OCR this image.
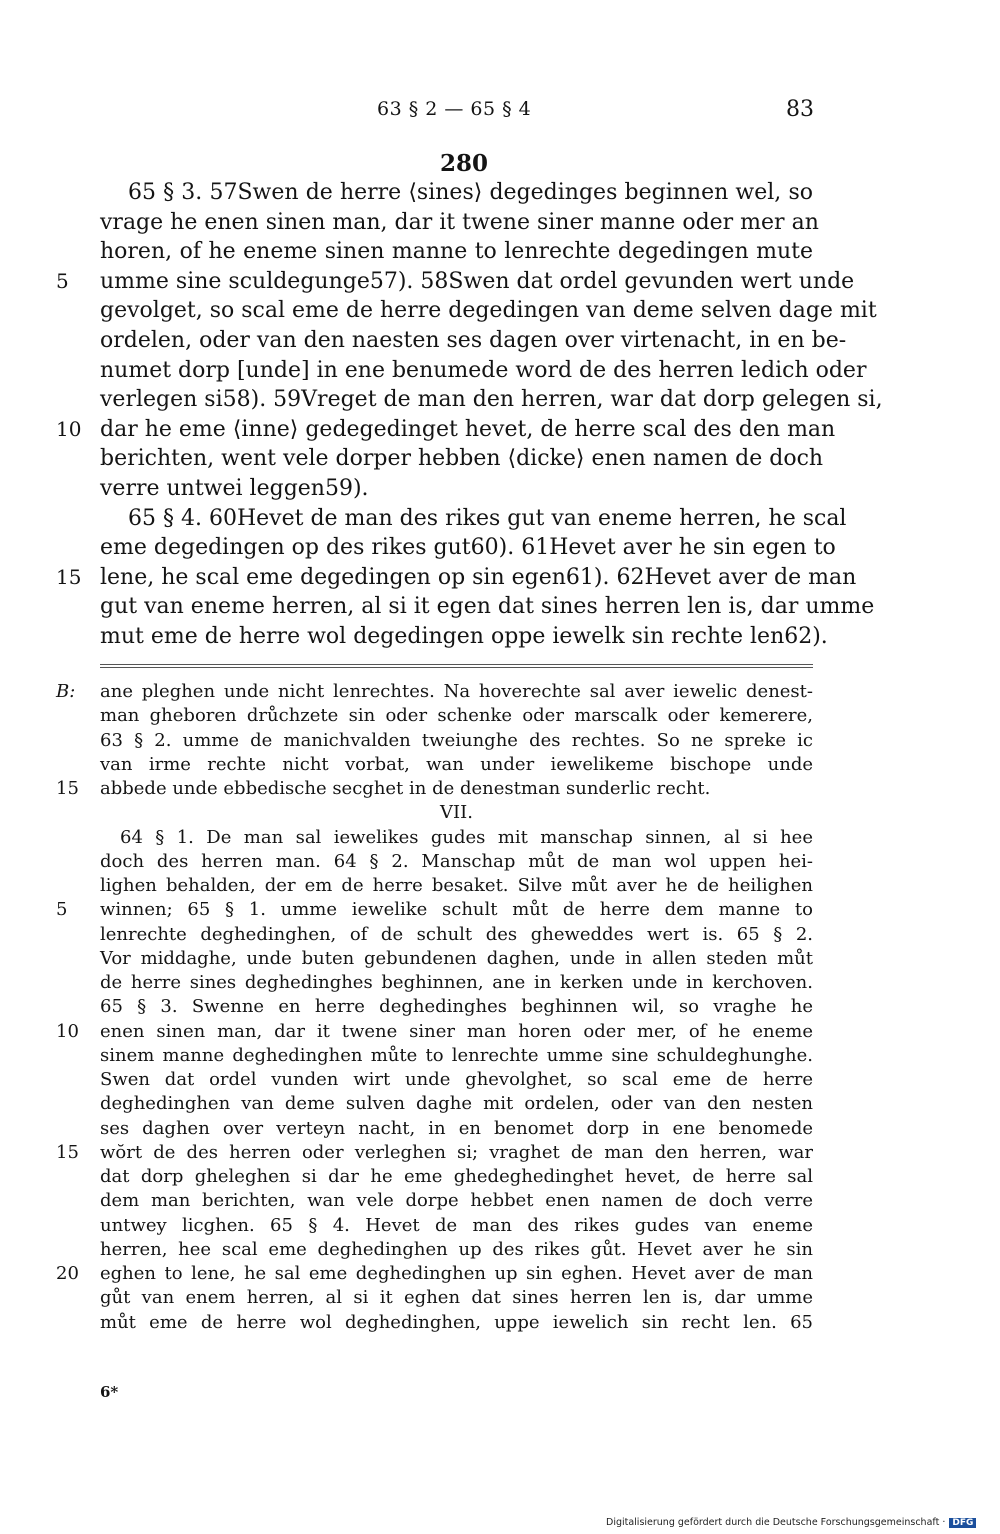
63 § 2 — 65 § 4	83
280
65 § 3. 57Swen de herre ⟨sines⟩ degedinges beginnen wel, so
vrage he enen sinen man, dar it twene siner manne oder mer an
horen, of he eneme sinen manne to lenrechte degedingen mute
5	umme sine sculdegunge57). 58Swen dat ordel gevunden wert unde
gevolget, so scal eme de herre degedingen van deme selven dage mit
ordelen, oder van den naesten ses dagen over virtenacht, in en be-
numet dorp [unde] in ene benumede word de des herren ledich oder
verlegen si58). 59Vreget de man den herren, war dat dorp gelegen si,
10 dar he eme ⟨inne⟩ gedegedinget hevet, de herre scal des den man
berichten, went vele dorper hebben ⟨dicke⟩ enen namen de doch
verre untwei leggen59).
65 § 4. 60Hevet de man des rikes gut van eneme herren, he scal
eme degedingen op des rikes gut60). 61Hevet aver he sin egen to
15 lene, he scal eme degedingen op sin egen61). 62Hevet aver de man
gut van eneme herren, al si it egen dat sines herren len is, dar umme
mut eme de herre wol degedingen oppe iewelk sin rechte len62).
B:	ane pleghen unde nicht lenrechtes. Na hoverechte sal aver iewelic denest-
man gheboren drůchzete sin oder schenke oder marscalk oder kemerere,
63 § 2. umme de manichvalden tweiunghe des rechtes. So ne spreke ic
van irme rechte nicht vorbat, wan under iewelikeme bischope unde
15	abbede unde ebbedische secghet in de denestman sunderlic recht.
VII.
64 § 1. De man sal iewelikes gudes mit manschap sinnen, al si hee
doch des herren man. 64 § 2. Manschap můt de man wol uppen hei-
lighen behalden, der em de herre besaket. Silve můt aver he de heilighen
5	winnen; 65 § 1. umme iewelike schult můt de herre dem manne to
lenrechte deghedinghen, of de schult des gheweddes wert is. 65 § 2.
Vor middaghe, unde buten gebundenen daghen, unde in allen steden můt
de herre sines deghedinghes beghinnen, ane in kerken unde in kerchoven.
65 § 3. Swenne en herre deghedinghes beghinnen wil, so vraghe he
10	enen sinen man, dar it twene siner man horen oder mer, of he eneme
sinem manne deghedinghen můte to lenrechte umme sine schuldeghunghe.
Swen dat ordel vunden wirt unde ghevolghet, so scal eme de herre
deghedinghen van deme sulven daghe mit ordelen, oder van den nesten
ses daghen over verteyn nacht, in en benomet dorp in ene benomede
15	wŏrt de des herren oder verleghen si; vraghet de man den herren, war
dat dorp gheleghen si dar he eme ghedeghedinghet hevet, de herre sal
dem man berichten, wan vele dorpe hebbet enen namen de doch verre
untwey licghen. 65 § 4. Hevet de man des rikes gudes van eneme
herren, hee scal eme deghedinghen up des rikes gůt. Hevet aver he sin
20	eghen to lene, he sal eme deghedinghen up sin eghen. Hevet aver de man
gůt van enem herren, al si it eghen dat sines herren len is, dar umme
můt eme de herre wol deghedinghen, uppe iewelich sin recht len. 65
6*
Digitalisierung gefördert durch die Deutsche Forschungsgemeinschaft · DFG
